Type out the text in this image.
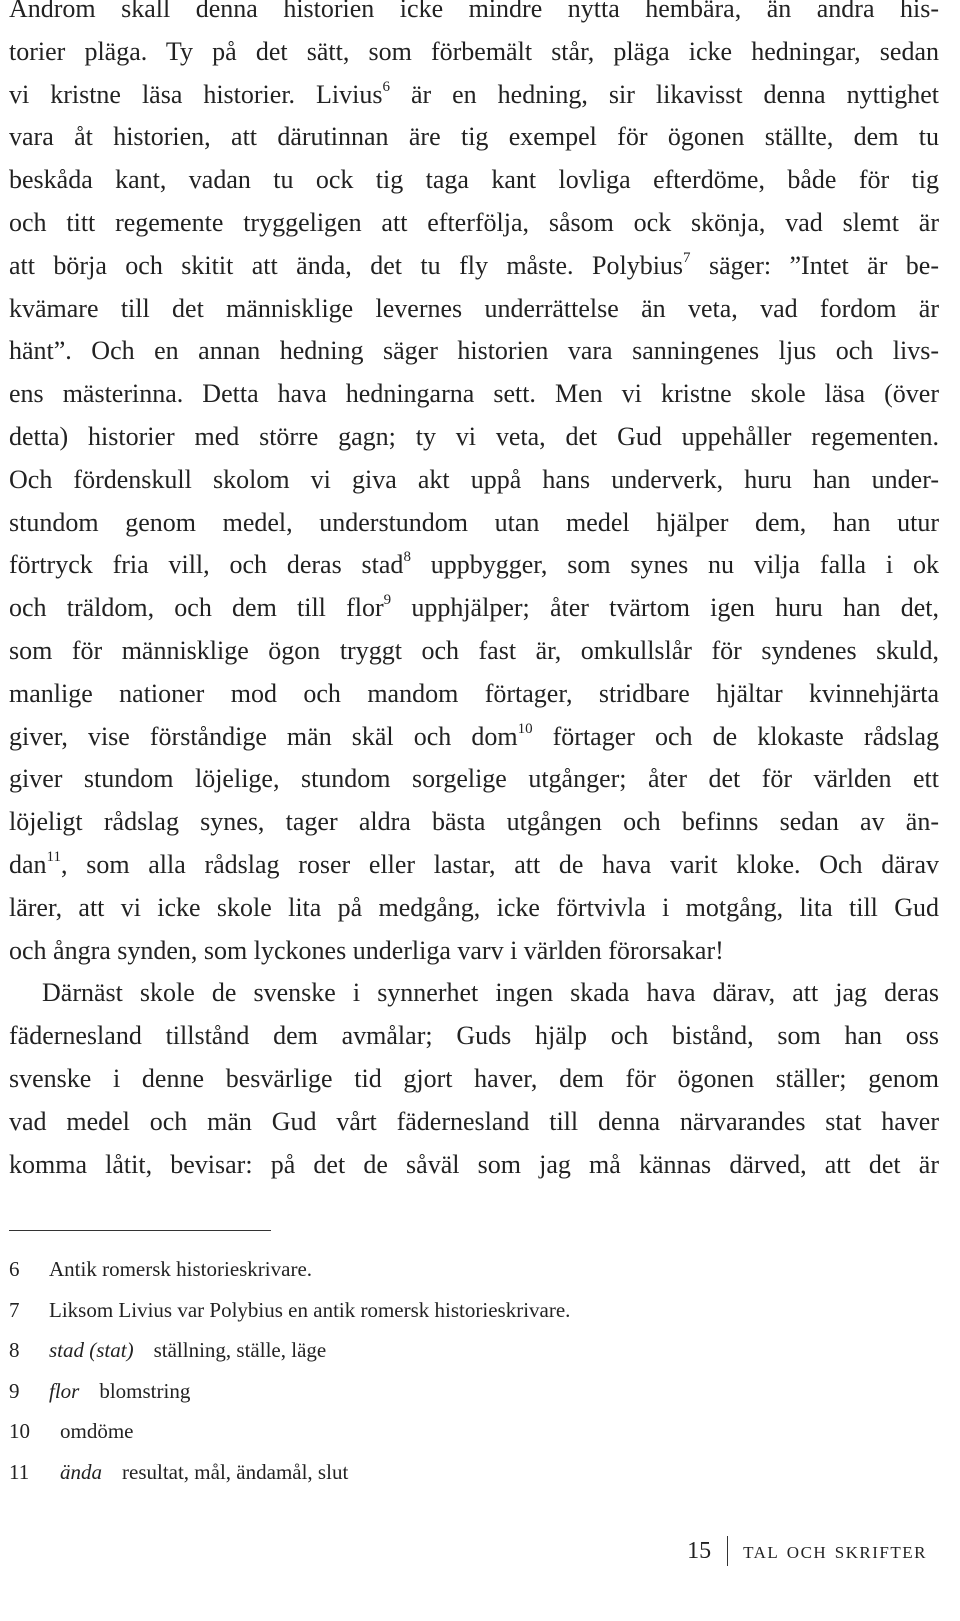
Androm skall denna historien icke mindre nytta hembära, än andra his-
torier pläga. Ty på det sätt, som förbemält står, pläga icke hedningar, sedan
vi kristne läsa historier. Livius$^6$ är en hedning, sir likavisst denna nyttighet
vara åt historien, att därutinnan äre tig exempel för ögonen ställte, dem tu
beskåda kant, vadan tu ock tig taga kant lovliga efterdöme, både för tig
och titt regemente tryggeligen att efterfölja, såsom ock skönja, vad slemt är
att börja och skitit att ända, det tu fly måste. Polybius$^7$ säger: ”Intet är be-
kvämare till det människlige levernes underrättelse än veta, vad fordom är
hänt”. Och en annan hedning säger historien vara sanningenes ljus och livs-
ens mästerinna. Detta hava hedningarna sett. Men vi kristne skole läsa (över
detta) historier med större gagn; ty vi veta, det Gud uppehåller regementen.
Och fördenskull skolom vi giva akt uppå hans underverk, huru han under-
stundom genom medel, understundom utan medel hjälper dem, han utur
förtryck fria vill, och deras stad$^8$ uppbygger, som synes nu vilja falla i ok
och träldom, och dem till flor$^9$ upphjälper; åter tvärtom igen huru han det,
som för människlige ögon tryggt och fast är, omkullslår för syndenes skuld,
manlige nationer mod och mandom förtager, stridbare hjältar kvinnehjärta
giver, vise förståndige män skäl och dom$^{10}$ förtager och de klokaste rådslag
giver stundom löjelige, stundom sorgelige utgånger; åter det för världen ett
löjeligt rådslag synes, tager aldra bästa utgången och befinns sedan av än-
dan$^{11}$, som alla rådslag roser eller lastar, att de hava varit kloke. Och därav
lärer, att vi icke skole lita på medgång, icke förtvivla i motgång, lita till Gud
och ångra synden, som lyckones underliga varv i världen förorsakar!
Därnäst skole de svenske i synnerhet ingen skada hava därav, att jag deras
fädernesland tillstånd dem avmålar; Guds hjälp och bistånd, som han oss
svenske i denne besvärlige tid gjort haver, dem för ögonen ställer; genom
vad medel och män Gud vårt fädernesland till denna närvarandes stat haver
komma låtit, bevisar: på det de såväl som jag må kännas därved, att det är
6 Antik romersk historieskrivare.
7 Liksom Livius var Polybius en antik romersk historieskrivare.
8 stad (stat) ställning, ställe, läge
9 flor blomstring
10 omdöme
11 ända resultat, mål, ändamål, slut
15 tal och skrifter
